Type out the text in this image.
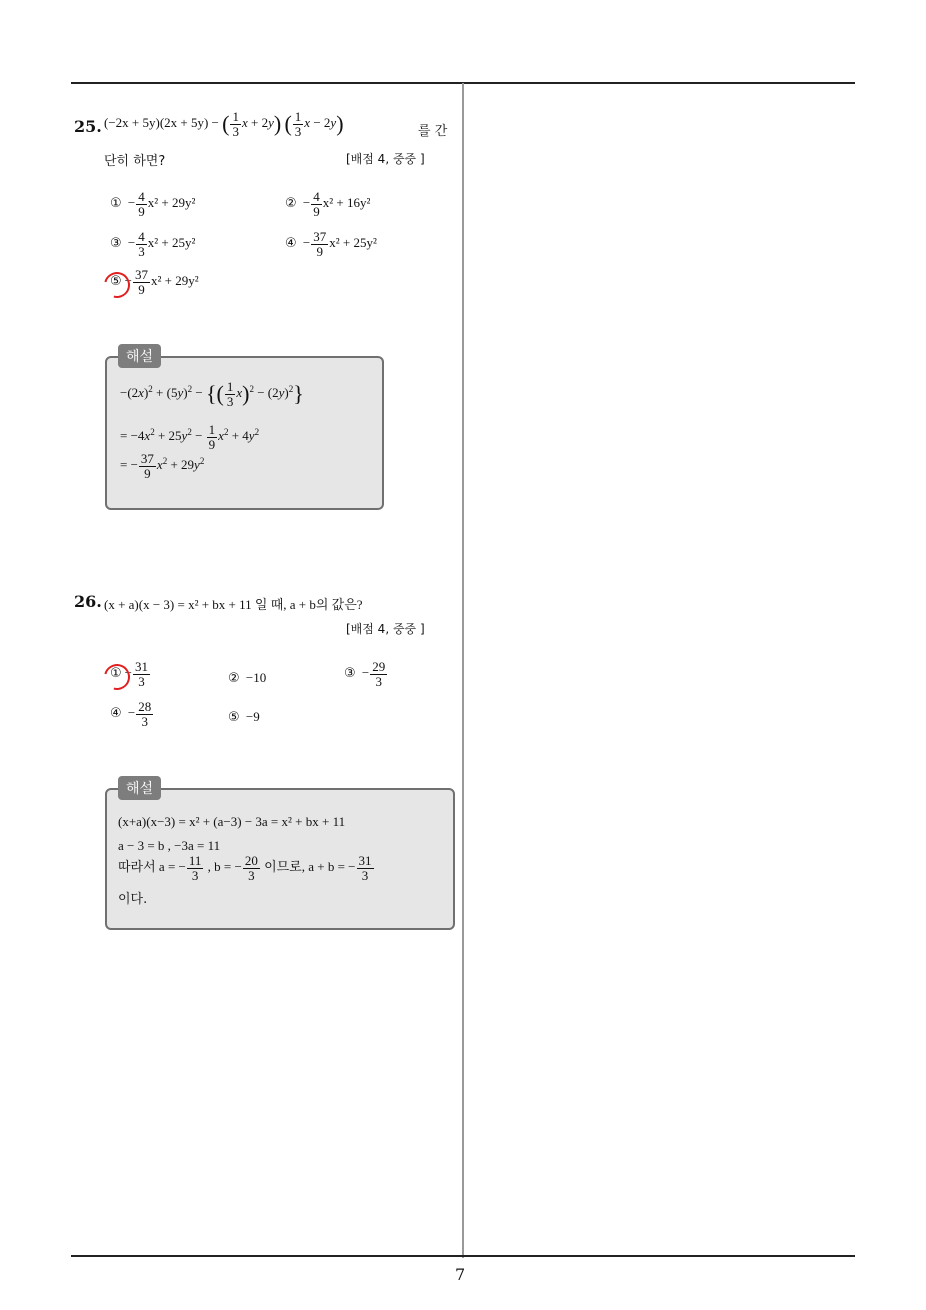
7
25. (−2x + 5y)(2x + 5y) − ( $\frac{1}{3}$ x + 2y) ( $\frac{1}{3}$ x − 2y)	를 간
단히 하면?	[배점 4, 중중 ]
① − $\frac{4}{9} x^2 + 29y^2$	② − $\frac{4}{9} x^2 + 16y^2$
③ − $\frac{4}{3} x^2 + 25y^2$	④ − $\frac{37}{9} x^2 + 25y^2$
⑤ − $\frac{37}{9} x^2 + 29y^2$
해설
$-(2x)^2 + (5y)^2$ − {( $\frac{1}{3} x)^2 - (2y)^2$}
= $-4x^2 + 25y^2 - \frac{1}{9} x^2 + 4y^2$
= − $\frac{37}{9} x^2 + 29y^2$
26. (x + a)(x − 3) = x² + bx + 11 일 때, a + b의 값은?
[배점 4, 중중 ]
① − $\frac{31}{3}$	② −10	③ − $\frac{29}{3}$
④ − $\frac{28}{3}$	⑤ −9
해설
(x+a)(x−3) = x² + (a−3) − 3a = x² + bx + 11
a − 3 = b , −3a = 11
따라서 a = − $\frac{11}{3}$ , b = − $\frac{20}{3}$ 이므로, a + b = − $\frac{31}{3}$
이다.
